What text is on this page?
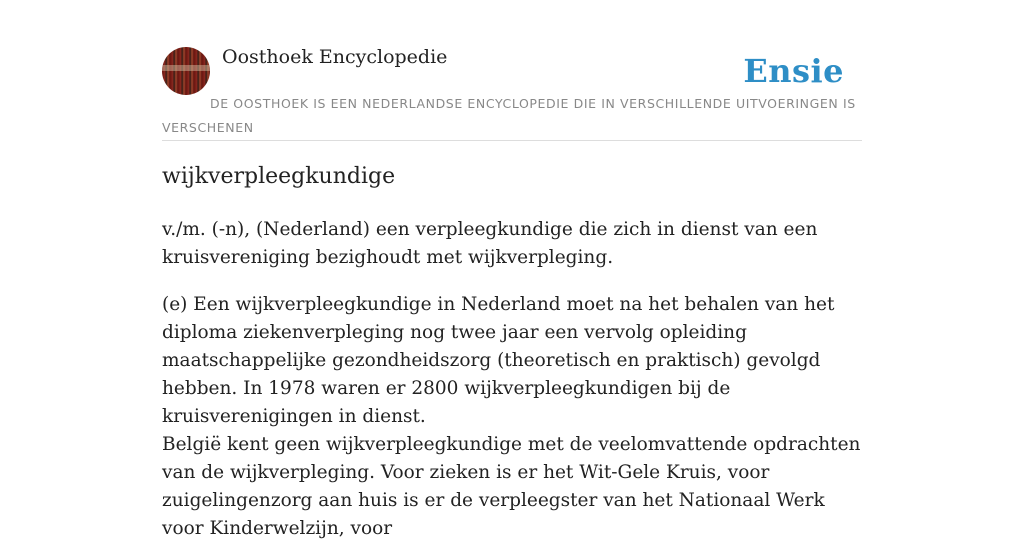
Oosthoek Encyclopedie	Ensie
DE OOSTHOEK IS EEN NEDERLANDSE ENCYCLOPEDIE DIE IN VERSCHILLENDE UITVOERINGEN IS VERSCHENEN
wijkverpleegkundige
v./m. (-n), (Nederland) een verpleegkundige die zich in dienst van een kruisvereniging bezighoudt met wijkverpleging.
(e) Een wijkverpleegkundige in Nederland moet na het behalen van het diploma ziekenverpleging nog twee jaar een vervolg opleiding maatschappelijke gezondheidszorg (theoretisch en praktisch) gevolgd hebben. In 1978 waren er 2800 wijkverpleegkundigen bij de kruisverenigingen in dienst.
België kent geen wijkverpleegkundige met de veelomvattende opdrachten van de wijkverpleging. Voor zieken is er het Wit-Gele Kruis, voor zuigelingenzorg aan huis is er de verpleegster van het Nationaal Werk voor Kinderwelzijn, voor
